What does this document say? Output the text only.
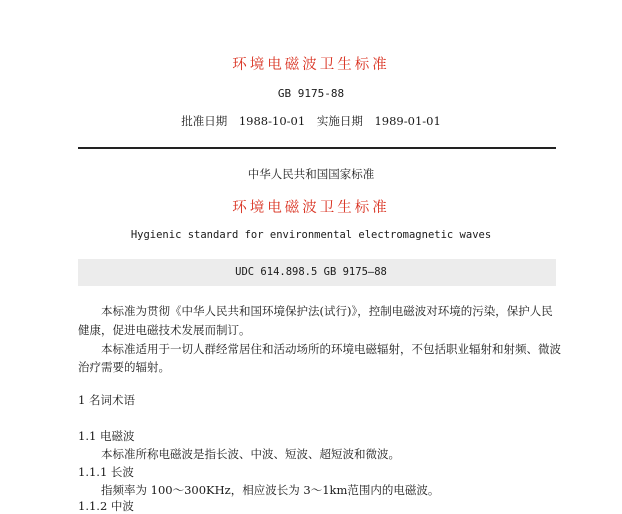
环境电磁波卫生标准
GB 9175-88
批准日期 1988-10-01 实施日期 1989-01-01
中华人民共和国国家标准
环境电磁波卫生标准
Hygienic standard for environmental electromagnetic waves
UDC 614.898.5 GB 9175—88
本标准为贯彻《中华人民共和国环境保护法(试行)》，控制电磁波对环境的污染，保护人民
健康，促进电磁技术发展而制订。
本标准适用于一切人群经常居住和活动场所的环境电磁辐射，不包括职业辐射和射频、微波
治疗需要的辐射。
1 名词术语
1.1 电磁波
本标准所称电磁波是指长波、中波、短波、超短波和微波。
1.1.1 长波
指频率为 100～300KHz，相应波长为 3～1km范围内的电磁波。
1.1.2 中波
